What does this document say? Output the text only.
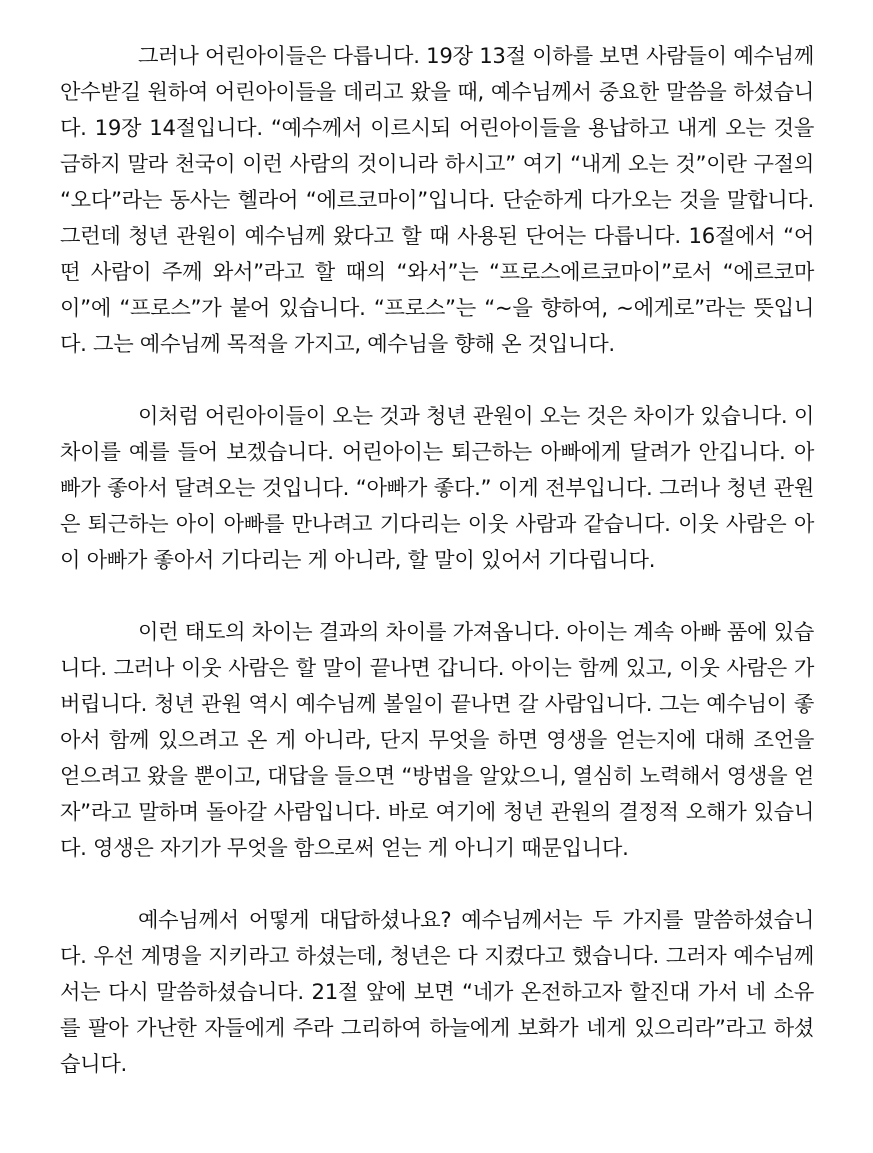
그러나 어린아이들은 다릅니다. 19장 13절 이하를 보면 사람들이 예수님께 안수받길 원하여 어린아이들을 데리고 왔을 때, 예수님께서 중요한 말씀을 하셨습니다. 19장 14절입니다. “예수께서 이르시되 어린아이들을 용납하고 내게 오는 것을 금하지 말라 천국이 이런 사람의 것이니라 하시고” 여기 “내게 오는 것”이란 구절의 “오다”라는 동사는 헬라어 “에르코마이”입니다. 단순하게 다가오는 것을 말합니다. 그런데 청년 관원이 예수님께 왔다고 할 때 사용된 단어는 다릅니다. 16절에서 “어떤 사람이 주께 와서”라고 할 때의 “와서”는 “프로스에르코마이”로서 “에르코마이”에 “프로스”가 붙어 있습니다. “프로스”는 “~을 향하여, ~에게로”라는 뜻입니다. 그는 예수님께 목적을 가지고, 예수님을 향해 온 것입니다.

이처럼 어린아이들이 오는 것과 청년 관원이 오는 것은 차이가 있습니다. 이 차이를 예를 들어 보겠습니다. 어린아이는 퇴근하는 아빠에게 달려가 안깁니다. 아빠가 좋아서 달려오는 것입니다. “아빠가 좋다.” 이게 전부입니다. 그러나 청년 관원은 퇴근하는 아이 아빠를 만나려고 기다리는 이웃 사람과 같습니다. 이웃 사람은 아이 아빠가 좋아서 기다리는 게 아니라, 할 말이 있어서 기다립니다.

이런 태도의 차이는 결과의 차이를 가져옵니다. 아이는 계속 아빠 품에 있습니다. 그러나 이웃 사람은 할 말이 끝나면 갑니다. 아이는 함께 있고, 이웃 사람은 가버립니다. 청년 관원 역시 예수님께 볼일이 끝나면 갈 사람입니다. 그는 예수님이 좋아서 함께 있으려고 온 게 아니라, 단지 무엇을 하면 영생을 얻는지에 대해 조언을 얻으려고 왔을 뿐이고, 대답을 들으면 “방법을 알았으니, 열심히 노력해서 영생을 얻자”라고 말하며 돌아갈 사람입니다. 바로 여기에 청년 관원의 결정적 오해가 있습니다. 영생은 자기가 무엇을 함으로써 얻는 게 아니기 때문입니다.

예수님께서 어떻게 대답하셨나요? 예수님께서는 두 가지를 말씀하셨습니다. 우선 계명을 지키라고 하셨는데, 청년은 다 지켰다고 했습니다. 그러자 예수님께서는 다시 말씀하셨습니다. 21절 앞에 보면 “네가 온전하고자 할진대 가서 네 소유를 팔아 가난한 자들에게 주라 그리하여 하늘에게 보화가 네게 있으리라”라고 하셨습니다.
